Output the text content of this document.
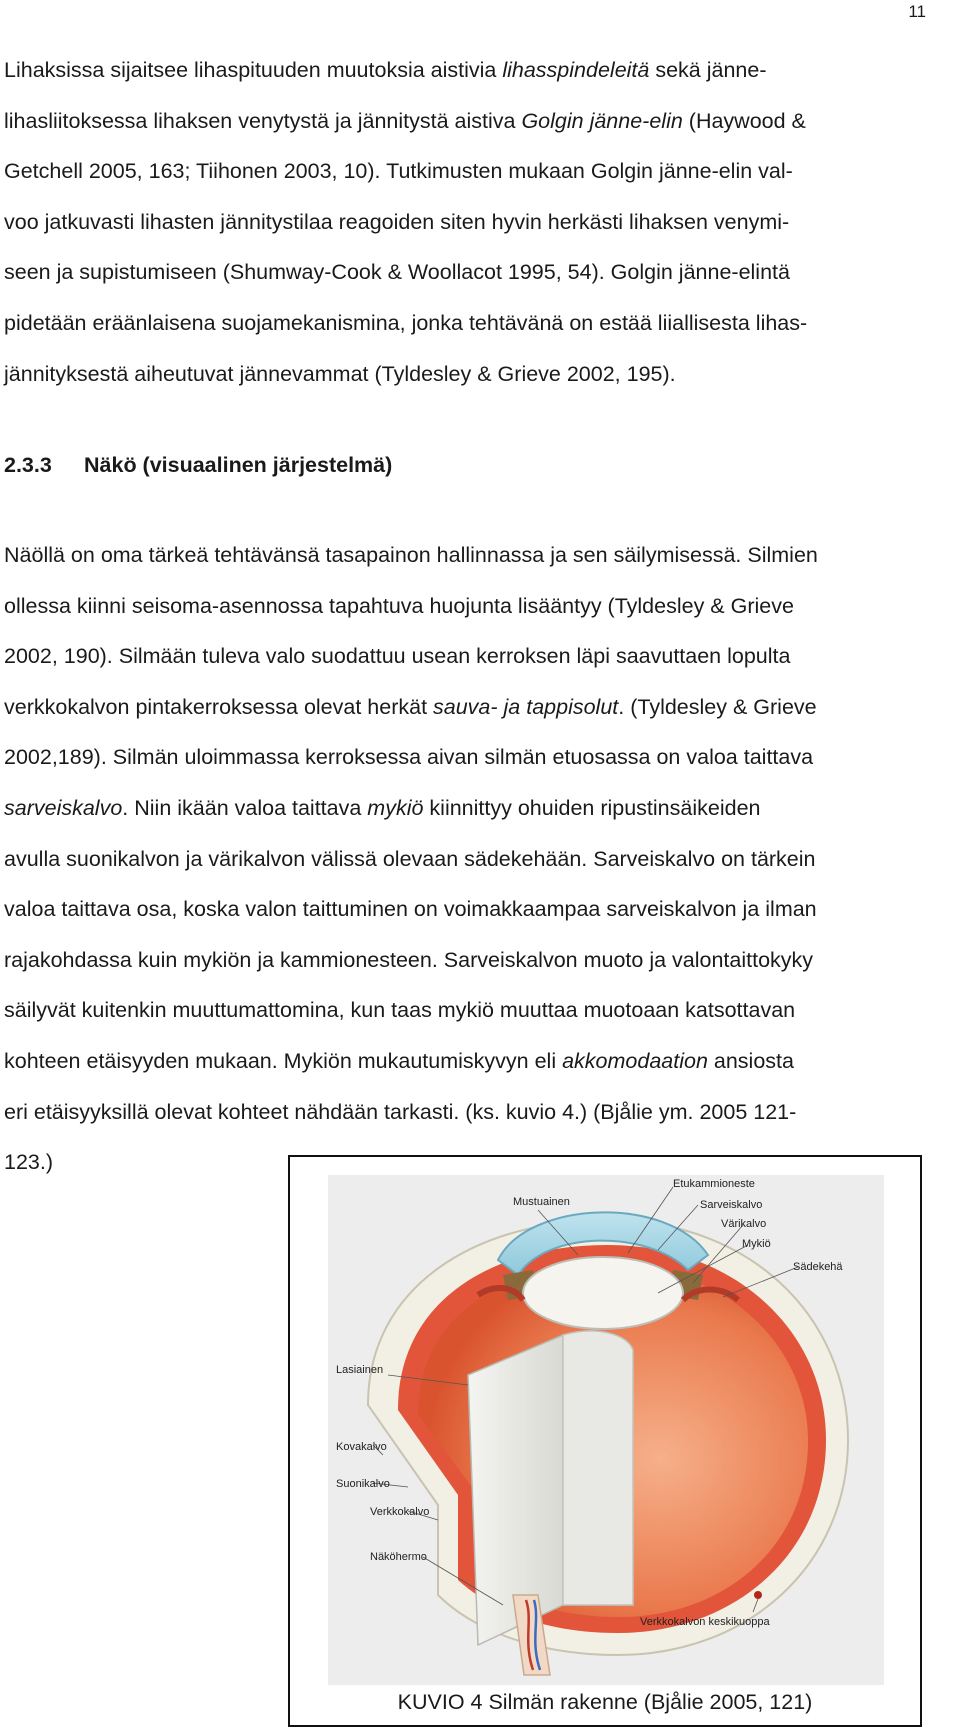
11
Lihaksissa sijaitsee lihaspituuden muutoksia aistivia lihasspindeleitä sekä jänne-
lihasliitoksessa lihaksen venytystä ja jännitystä aistiva Golgin jänne-elin (Haywood &
Getchell 2005, 163; Tiihonen 2003, 10). Tutkimusten mukaan Golgin jänne-elin val-
voo jatkuvasti lihasten jännitystilaa reagoiden siten hyvin herkästi lihaksen venymi-
seen ja supistumiseen (Shumway-Cook & Woollacot 1995, 54). Golgin jänne-elintä
pidetään eräänlaisena suojamekanismina, jonka tehtävänä on estää liiallisesta lihas-
jännityksestä aiheutuvat jännevammat (Tyldesley & Grieve 2002, 195).
2.3.3 Näkö (visuaalinen järjestelmä)
Näöllä on oma tärkeä tehtävänsä tasapainon hallinnassa ja sen säilymisessä. Silmien
ollessa kiinni seisoma-asennossa tapahtuva huojunta lisääntyy (Tyldesley & Grieve
2002, 190). Silmään tuleva valo suodattuu usean kerroksen läpi saavuttaen lopulta
verkkokalvon pintakerroksessa olevat herkät sauva- ja tappisolut. (Tyldesley & Grieve
2002,189). Silmän uloimmassa kerroksessa aivan silmän etuosassa on valoa taittava
sarveiskalvo. Niin ikään valoa taittava mykiö kiinnittyy ohuiden ripustinsäikeiden
avulla suonikalvon ja värikalvon välissä olevaan sädekehään. Sarveiskalvo on tärkein
valoa taittava osa, koska valon taittuminen on voimakkaampaa sarveiskalvon ja ilman
rajakohdassa kuin mykiön ja kammionesteen. Sarveiskalvon muoto ja valontaittokyky
säilyvät kuitenkin muuttumattomina, kun taas mykiö muuttaa muotoaan katsottavan
kohteen etäisyyden mukaan. Mykiön mukautumiskyvyn eli akkomodaation ansiosta
eri etäisyyksillä olevat kohteet nähdään tarkasti. (ks. kuvio 4.) (Bjålie ym. 2005 121-
123.)
Etukammioneste
Mustuainen	Sarveiskalvo
Värikalvo
Mykiö
Sädekehä
Lasiainen
Kovakalvo
Suonikalvo
Verkkokalvo
Näköhermo
Verkkokalvon keskikuoppa
KUVIO 4 Silmän rakenne (Bjålie 2005, 121)
